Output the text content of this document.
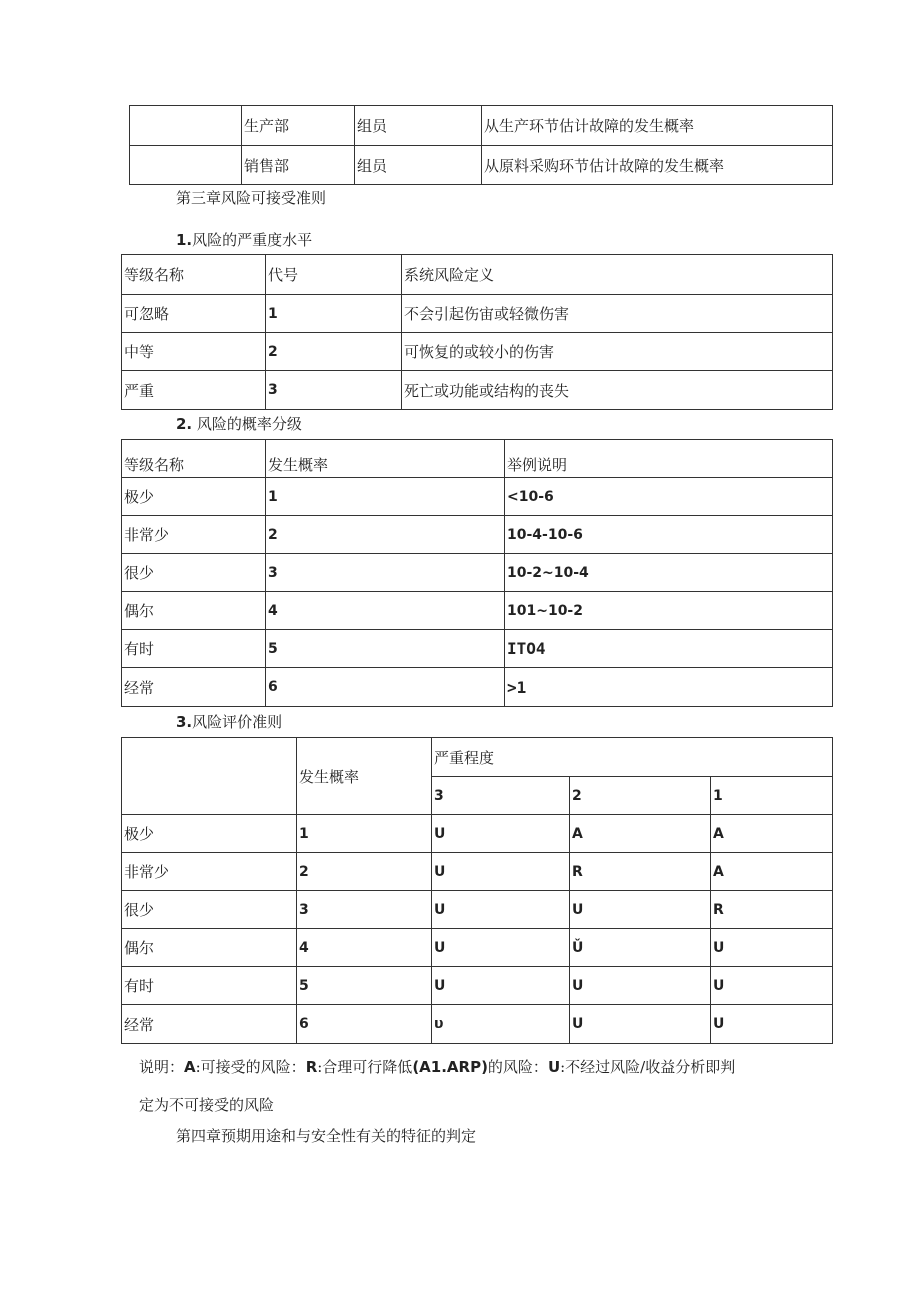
	生产部	组员	从生产环节估计故障的发生概率
	销售部	组员	从原料采购环节估计故障的发生概率
第三章风险可接受准则
1.风险的严重度水平
等级名称	代号	系统风险定义
可忽略	1	不会引起伤宙或轻微伤害
中等	2	可恢复的或较小的伤害
严重	3	死亡或功能或结构的丧失
2. 风险的概率分级
等级名称	发生概率	举例说明
极少	1	<10-6
非常少	2	10-4-10-6
很少	3	10-2~10-4
偶尔	4	101~10-2
有时	5	ITO4
经常	6	>1
3.风险评价准则
	发生概率	严重程度		
		3	2	1
极少	1	U	A	A
非常少	2	U	R	A
很少	3	U	U	R
偶尔	4	U	Ǔ	U
有时	5	U	U	U
经常	6	υ	U	U
说明：A:可接受的风险：R:合理可行降低(A1.ARP)的风险：U:不经过风险/收益分析即判
定为不可接受的风险
第四章预期用途和与安全性有关的特征的判定
